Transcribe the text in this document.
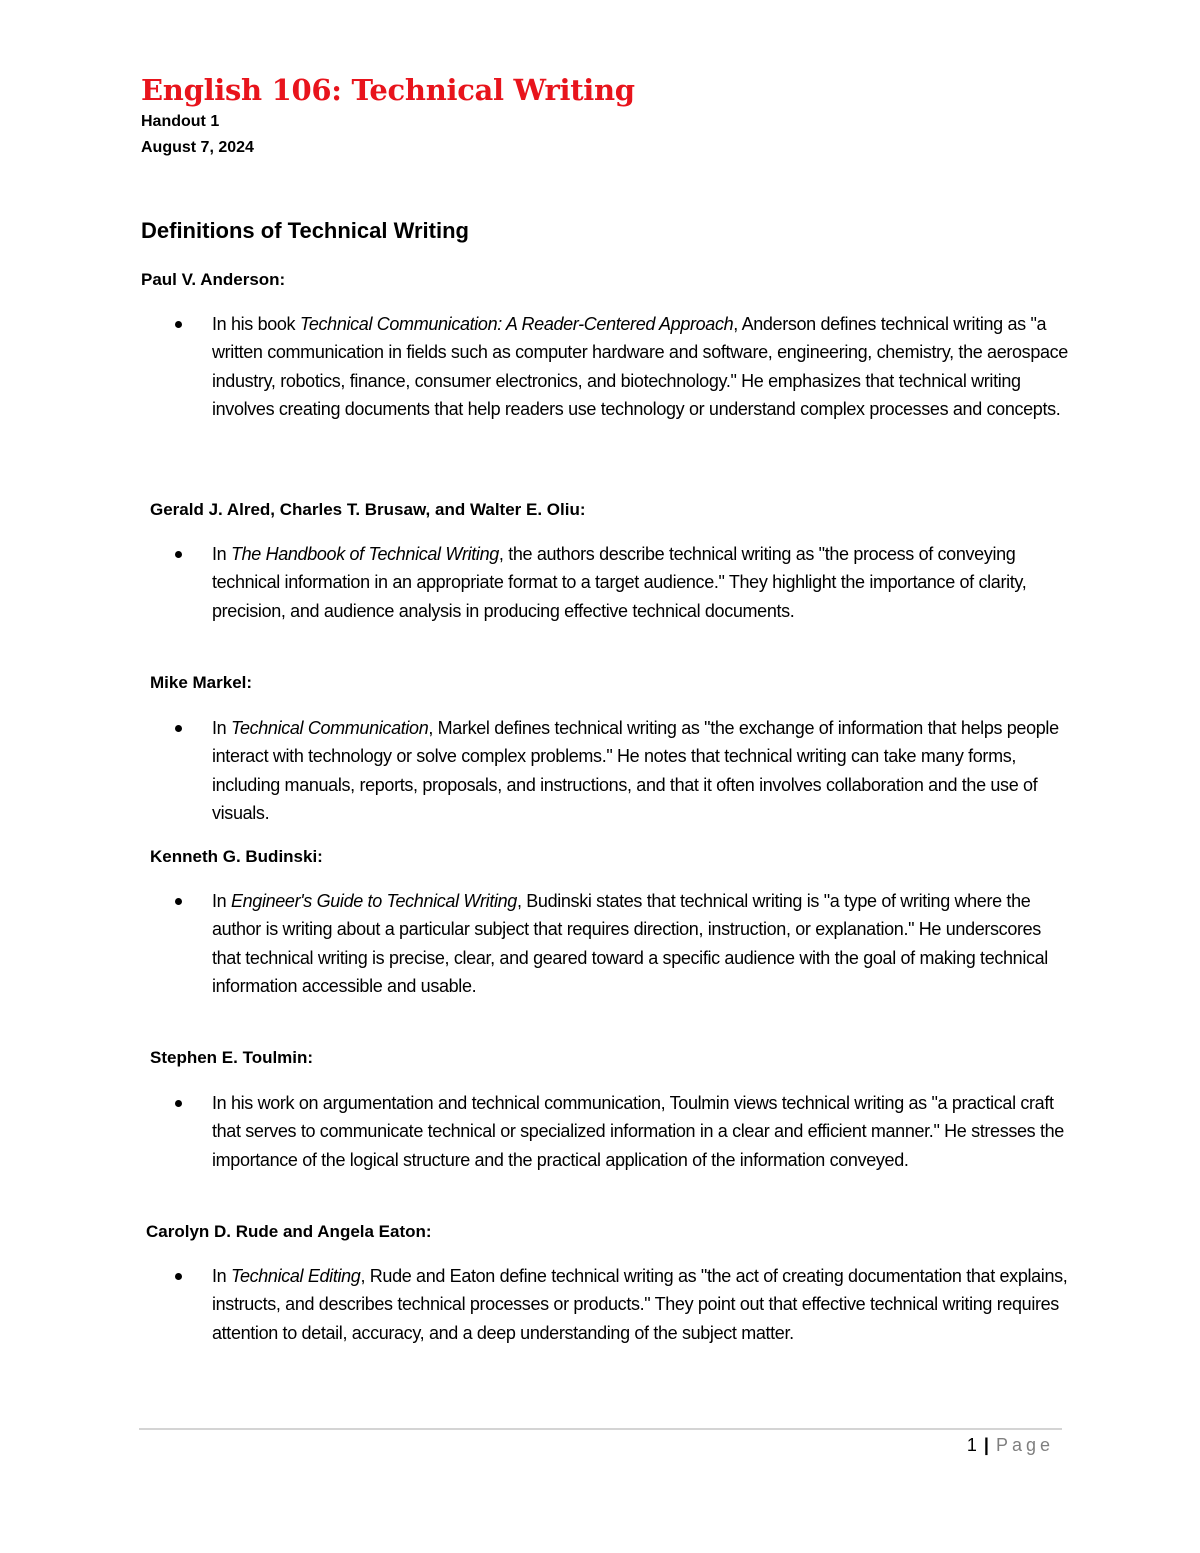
English 106: Technical Writing
Handout 1
August 7, 2024
Definitions of Technical Writing
Paul V. Anderson:

In his book Technical Communication: A Reader-Centered Approach, Anderson defines technical writing as "a written communication in fields such as computer hardware and software, engineering, chemistry, the aerospace industry, robotics, finance, consumer electronics, and biotechnology." He emphasizes that technical writing involves creating documents that help readers use technology or understand complex processes and concepts.

Gerald J. Alred, Charles T. Brusaw, and Walter E. Oliu:

In The Handbook of Technical Writing, the authors describe technical writing as "the process of conveying technical information in an appropriate format to a target audience." They highlight the importance of clarity, precision, and audience analysis in producing effective technical documents.

Mike Markel:

In Technical Communication, Markel defines technical writing as "the exchange of information that helps people interact with technology or solve complex problems." He notes that technical writing can take many forms, including manuals, reports, proposals, and instructions, and that it often involves collaboration and the use of visuals.

Kenneth G. Budinski:

In Engineer's Guide to Technical Writing, Budinski states that technical writing is "a type of writing where the author is writing about a particular subject that requires direction, instruction, or explanation." He underscores that technical writing is precise, clear, and geared toward a specific audience with the goal of making technical information accessible and usable.

Stephen E. Toulmin:

In his work on argumentation and technical communication, Toulmin views technical writing as "a practical craft that serves to communicate technical or specialized information in a clear and efficient manner." He stresses the importance of the logical structure and the practical application of the information conveyed.

Carolyn D. Rude and Angela Eaton:

In Technical Editing, Rude and Eaton define technical writing as "the act of creating documentation that explains, instructs, and describes technical processes or products." They point out that effective technical writing requires attention to detail, accuracy, and a deep understanding of the subject matter.

1 | Page
